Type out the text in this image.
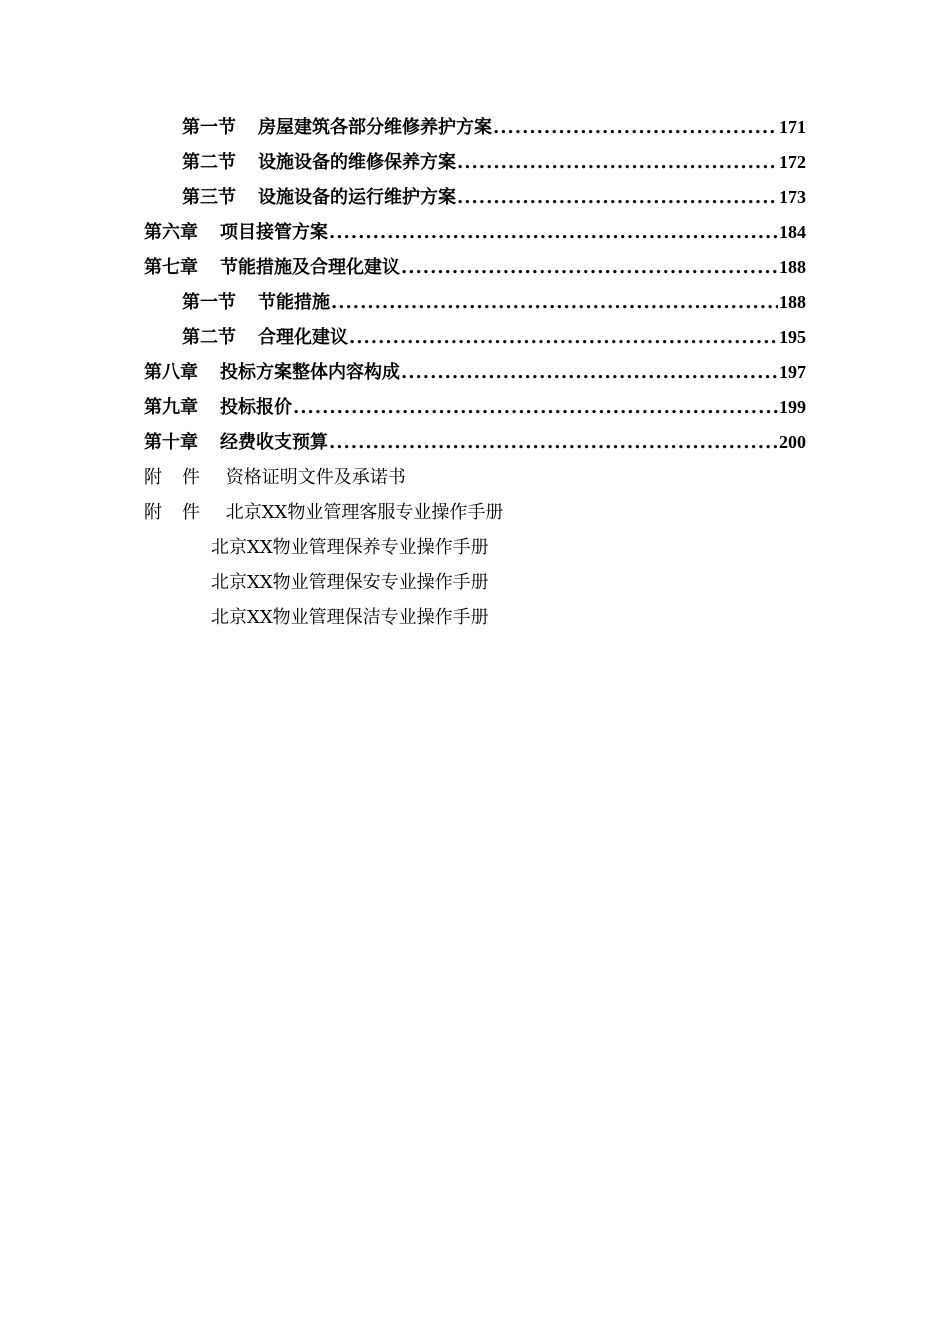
第一节	房屋建筑各部分维修养护方案 .....	171
第二节	设施设备的维修保养方案 .....	172
第三节	设施设备的运行维护方案 .....	173
第六章	项目接管方案 .....	184
第七章	节能措施及合理化建议 .....	188
第一节	节能措施 .....	188
第二节	合理化建议 .....	195
第八章	投标方案整体内容构成 .....	197
第九章	投标报价 .....	199
第十章	经费收支预算 .....	200
附件 资格证明文件及承诺书
附件 北京XX物业管理客服专业操作手册
北京XX物业管理保养专业操作手册
北京XX物业管理保安专业操作手册
北京XX物业管理保洁专业操作手册
